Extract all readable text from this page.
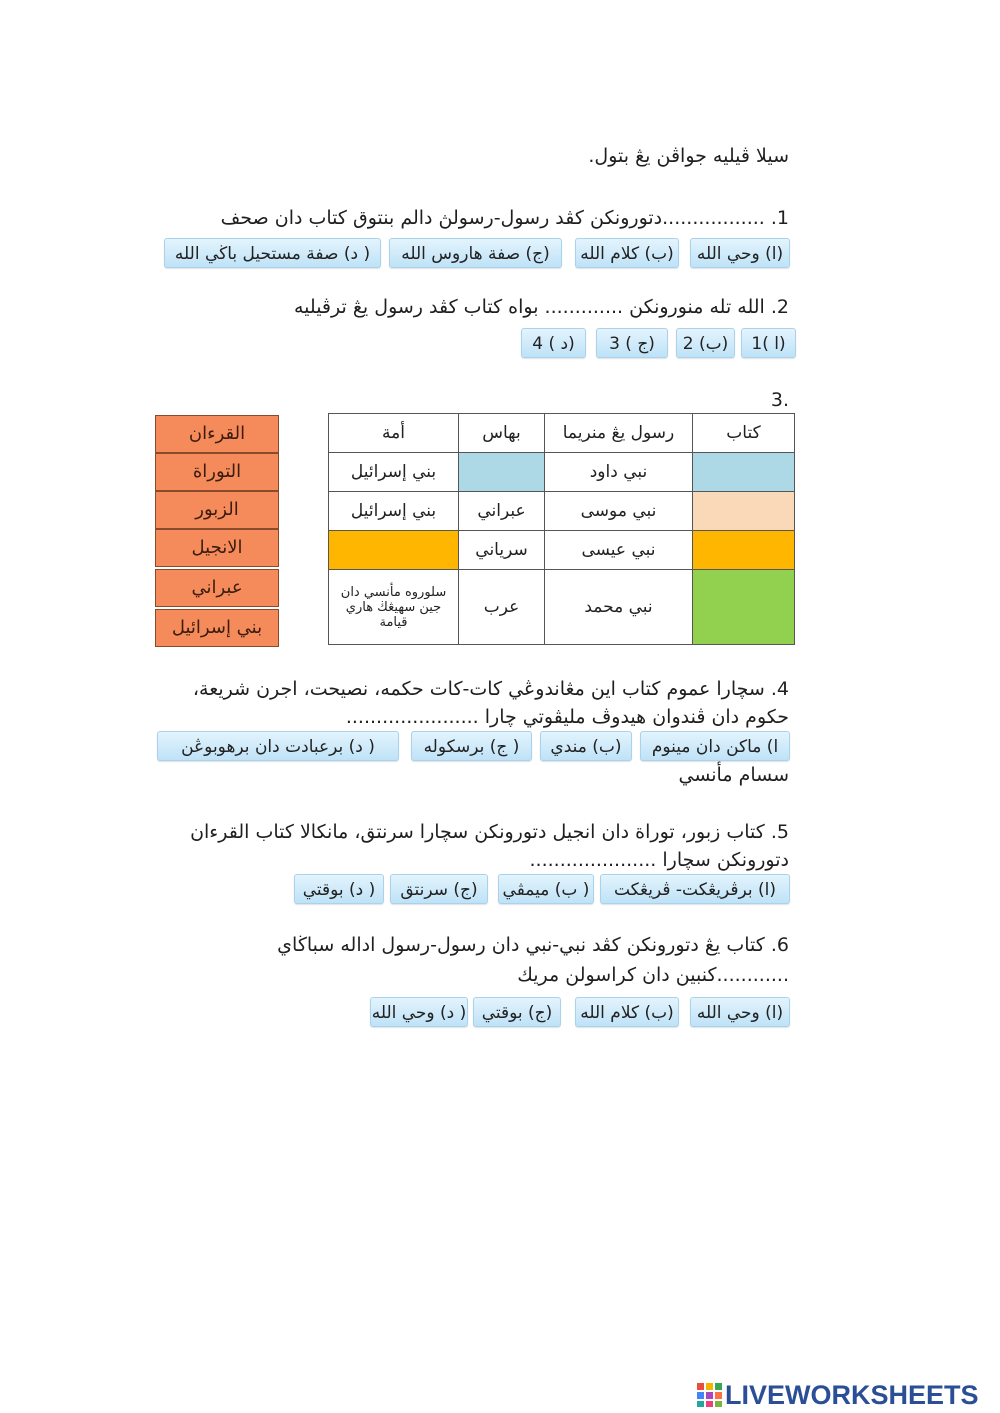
سيلا ڤيليه جواڤن يڠ بتول.
1. .................دتورونكن كڤد رسول-رسولڽ دالم بنتوق كتاب دان صحف
(ا) وحي الله
(ب) كلام الله
(ج) صفة هاروس الله
( د) صفة مستحيل باڬي الله
2. الله تله منورونكن ............. بواه كتاب كڤد رسول يڠ ترڤيليه
(ا )1
(ب) 2
(ج ) 3
(د ) 4
3.
كتاب	رسول يڠ منريما	بهاس	أمة
	نبي داود		بني إسرائيل
	نبي موسى	عبراني	بني إسرائيل
	نبي عيسى	سرياني	
	نبي محمد	عرب	سلوروه مأنسي دان جين سهيڠڬ هاري قيامة
القرءان
التوراة
الزبور
الانجيل
عبراني
بني إسرائيل
4. سچارا عموم كتاب اين مڠاندوڠي كات-كات حكمه، نصيحت، اجرن شريعة،
حكوم دان ڤندوان هيدوڤ مليڤوتي چارا ......................
ا) ماكن دان مينوم
(ب) مندي
( ج) برسكوله
( د) برعبادت دان برهوبوڠن
سسام مأنسي
5. كتاب زبور، توراة دان انجيل دتورونكن سچارا سرنتق، مانكالا كتاب القرءان
دتورونكن سچارا .....................
(ا) برڤريڠكت- ڤريڠكت
( ب) ميمڤي
(ج) سرنتق
( د) بوقتي
6. كتاب يڠ دتورونكن كڤد نبي-نبي دان رسول-رسول اداله سباڬاي
............كنبين دان كراسولن مريك
(ا) وحي الله
(ب) كلام الله
(ج) بوقتي
( د) وحي الله
LIVEWORKSHEETS
